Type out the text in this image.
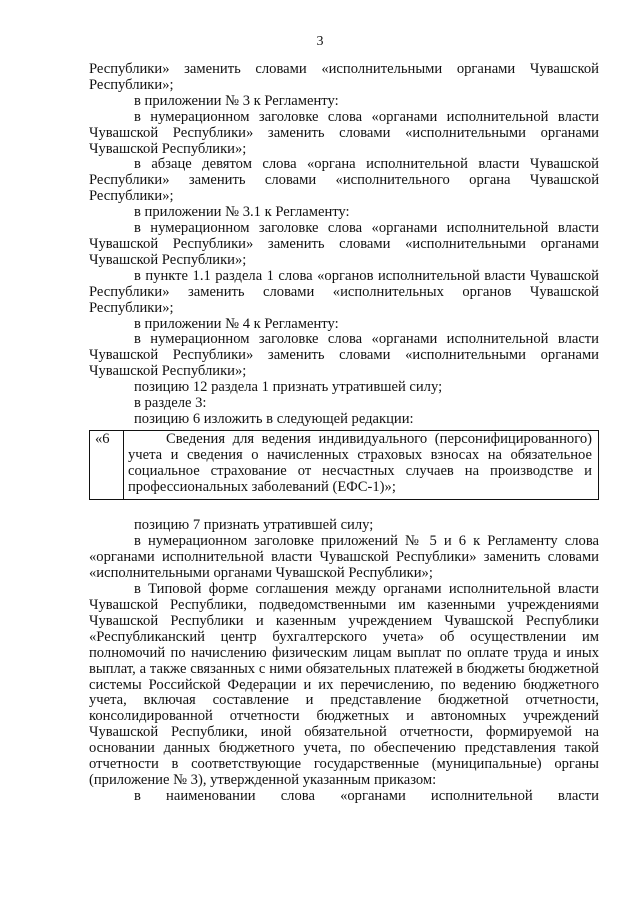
3

Республики» заменить словами «исполнительными органами Чувашской Республики»;

в приложении № 3 к Регламенту:

в нумерационном заголовке слова «органами исполнительной власти Чувашской Республики» заменить словами «исполнительными органами Чувашской Республики»;

в абзаце девятом слова «органа исполнительной власти Чувашской Республики» заменить словами «исполнительного органа Чувашской Республики»;

в приложении № 3.1 к Регламенту:

в нумерационном заголовке слова «органами исполнительной власти Чувашской Республики» заменить словами «исполнительными органами Чувашской Республики»;

в пункте 1.1 раздела 1 слова «органов исполнительной власти Чувашской Республики» заменить словами «исполнительных органов Чувашской Республики»;

в приложении № 4 к Регламенту:

в нумерационном заголовке слова «органами исполнительной власти Чувашской Республики» заменить словами «исполнительными органами Чувашской Республики»;

позицию 12 раздела 1 признать утратившей силу;

в разделе 3:

позицию 6 изложить в следующей редакции:

«6	Сведения для ведения индивидуального (персонифицированного) учета и сведения о начисленных страховых взносах на обязательное социальное страхование от несчастных случаев на производстве и профессиональных заболеваний (ЕФС-1)»;

позицию 7 признать утратившей силу;

в нумерационном заголовке приложений № 5 и 6 к Регламенту слова «органами исполнительной власти Чувашской Республики» заменить словами «исполнительными органами Чувашской Республики»;

в Типовой форме соглашения между органами исполнительной власти Чувашской Республики, подведомственными им казенными учреждениями Чувашской Республики и казенным учреждением Чувашской Республики «Республиканский центр бухгалтерского учета» об осуществлении им полномочий по начислению физическим лицам выплат по оплате труда и иных выплат, а также связанных с ними обязательных платежей в бюджеты бюджетной системы Российской Федерации и их перечислению, по ведению бюджетного учета, включая составление и представление бюджетной отчетности, консолидированной отчетности бюджетных и автономных учреждений Чувашской Республики, иной обязательной отчетности, формируемой на основании данных бюджетного учета, по обеспечению представления такой отчетности в соответствующие государственные (муниципальные) органы (приложение № 3), утвержденной указанным приказом:

в наименовании слова «органами исполнительной власти
